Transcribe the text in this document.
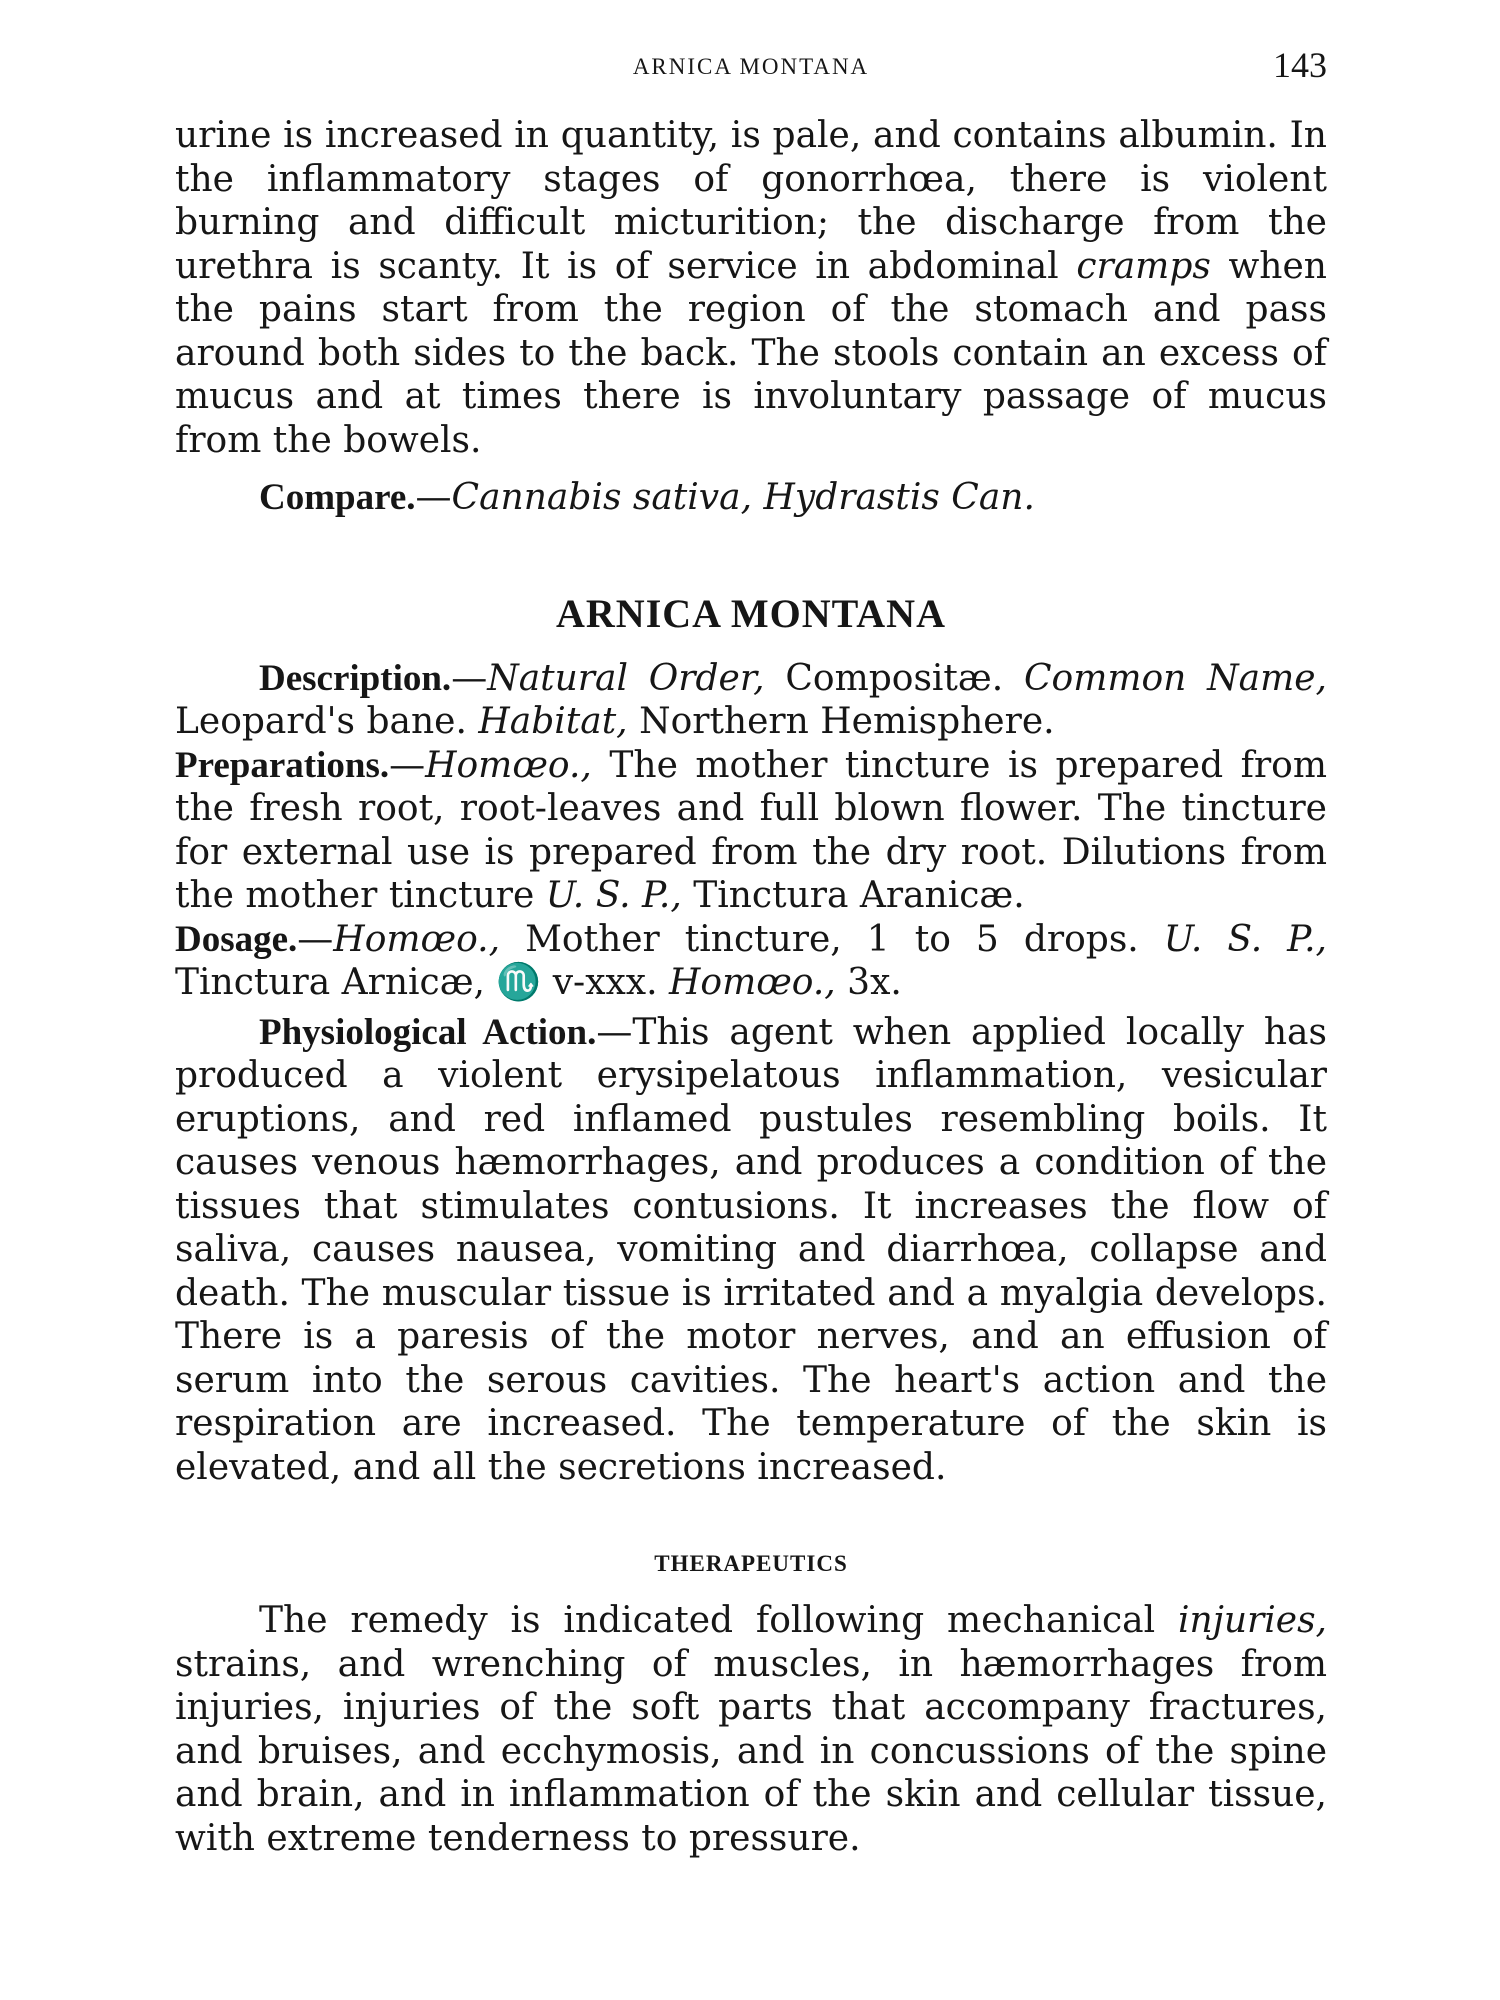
ARNICA MONTANA	143

urine is increased in quantity, is pale, and contains albumin. In the inflammatory stages of gonorrhœa, there is violent burning and difficult micturition; the discharge from the urethra is scanty. It is of service in abdominal cramps when the pains start from the region of the stomach and pass around both sides to the back. The stools contain an excess of mucus and at times there is involuntary passage of mucus from the bowels.

Compare.—Cannabis sativa, Hydrastis Can.

ARNICA MONTANA

Description.—Natural Order, Compositæ. Common Name, Leopard's bane. Habitat, Northern Hemisphere.
Preparations.—Homœo., The mother tincture is prepared from the fresh root, root-leaves and full blown flower. The tincture for external use is prepared from the dry root. Dilutions from the mother tincture U. S. P., Tinctura Aranicæ.
Dosage.—Homœo., Mother tincture, 1 to 5 drops. U. S. P., Tinctura Arnicæ, ♏ v-xxx. Homœo., 3x.

Physiological Action.—This agent when applied locally has produced a violent erysipelatous inflammation, vesicular eruptions, and red inflamed pustules resembling boils. It causes venous hæmorrhages, and produces a condition of the tissues that stimulates contusions. It increases the flow of saliva, causes nausea, vomiting and diarrhœa, collapse and death. The muscular tissue is irritated and a myalgia develops. There is a paresis of the motor nerves, and an effusion of serum into the serous cavities. The heart's action and the respiration are increased. The temperature of the skin is elevated, and all the secretions increased.

THERAPEUTICS

The remedy is indicated following mechanical injuries, strains, and wrenching of muscles, in hæmorrhages from injuries, injuries of the soft parts that accompany fractures, and bruises, and ecchymosis, and in concussions of the spine and brain, and in inflammation of the skin and cellular tissue, with extreme tenderness to pressure.
